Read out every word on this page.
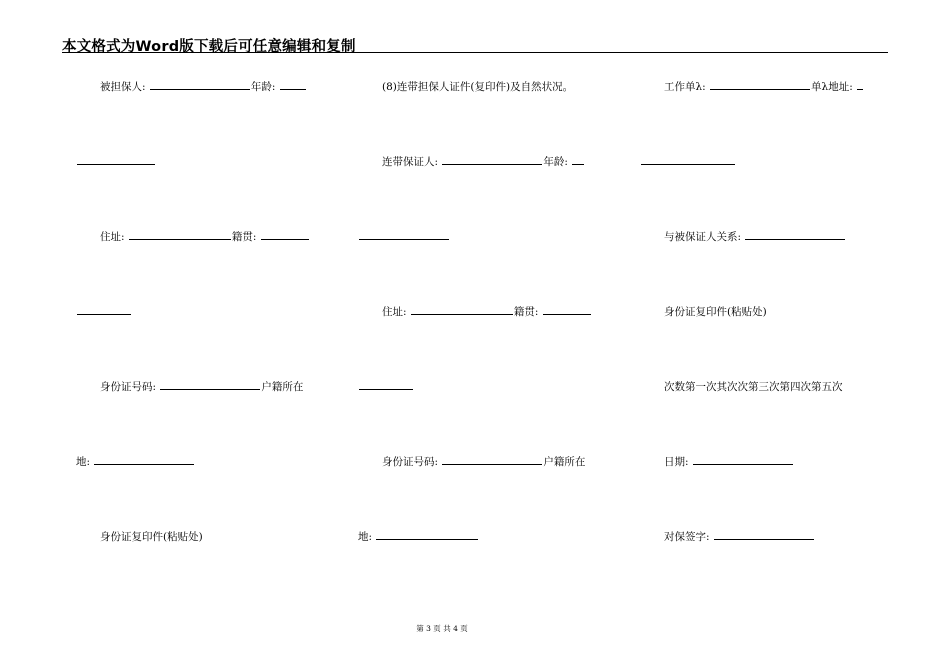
本文格式为Word版下载后可任意编辑和复制
被担保人:	年龄:
住址:	籍贯:
身份证号码:	户籍所在
地:
身份证复印件(粘贴处)
(8)连带担保人证件(复印件)及自然状况。
连带保证人:	年龄:
住址:	籍贯:
身份证号码:	户籍所在
地:
工作单λ:	单λ地址:
与被保证人关系:
身份证复印件(粘贴处)
次数第一次其次次第三次第四次第五次
日期:
对保签字:
第 3 页 共 4 页
